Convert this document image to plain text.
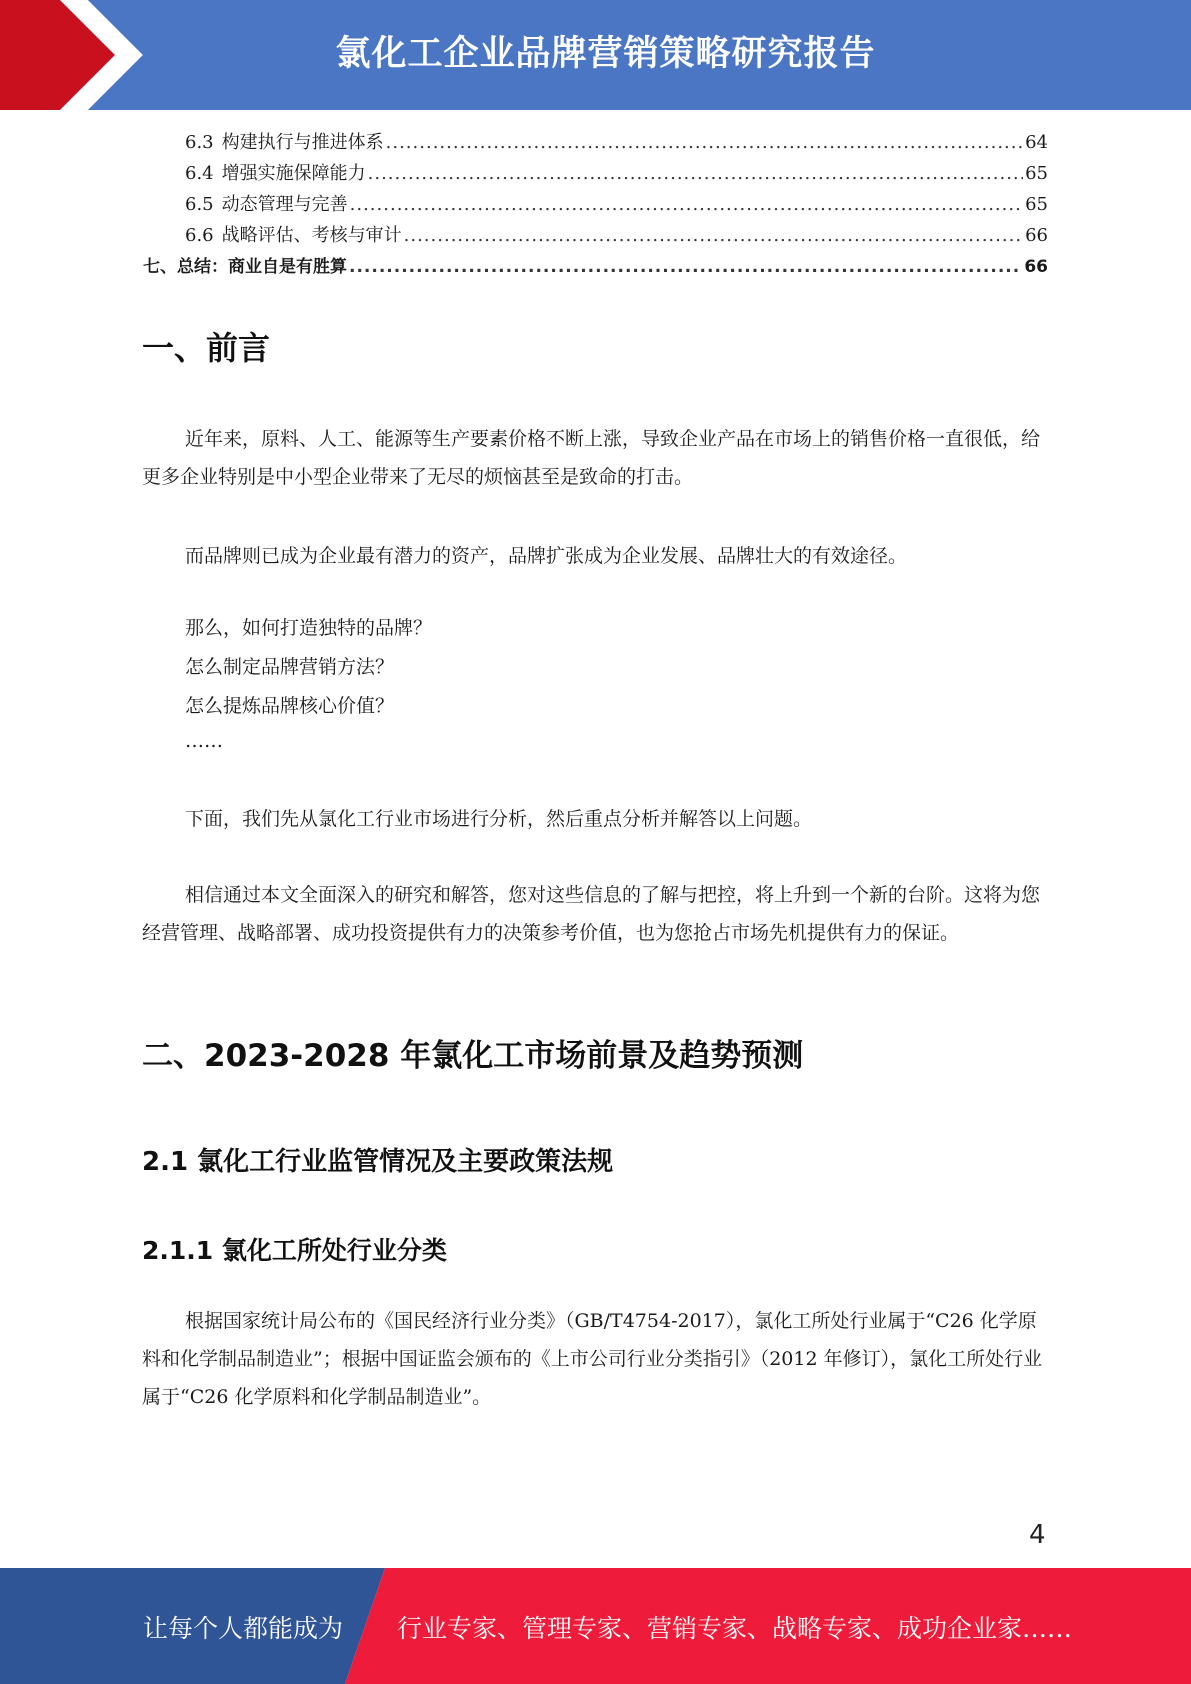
氯化工企业品牌营销策略研究报告
6.3 构建执行与推进体系 .....	64
6.4 增强实施保障能力 .....	65
6.5 动态管理与完善 .....	65
6.6 战略评估、考核与审计 .....	66
七、总结：商业自是有胜算 .....	66
一、前言

近年来，原料、人工、能源等生产要素价格不断上涨，导致企业产品在市场上的销售价格一直很低，给更多企业特别是中小型企业带来了无尽的烦恼甚至是致命的打击。

而品牌则已成为企业最有潜力的资产，品牌扩张成为企业发展、品牌壮大的有效途径。

那么，如何打造独特的品牌？

怎么制定品牌营销方法？

怎么提炼品牌核心价值？

……

下面，我们先从氯化工行业市场进行分析，然后重点分析并解答以上问题。

相信通过本文全面深入的研究和解答，您对这些信息的了解与把控，将上升到一个新的台阶。这将为您经营管理、战略部署、成功投资提供有力的决策参考价值，也为您抢占市场先机提供有力的保证。

二、2023-2028 年氯化工市场前景及趋势预测
2.1 氯化工行业监管情况及主要政策法规
2.1.1 氯化工所处行业分类

根据国家统计局公布的《国民经济行业分类》（GB/T4754-2017），氯化工所处行业属于“C26 化学原料和化学制品制造业”；根据中国证监会颁布的《上市公司行业分类指引》（2012 年修订），氯化工所处行业属于“C26 化学原料和化学制品制造业”。

4
让每个人都能成为 行业专家、管理专家、营销专家、战略专家、成功企业家……
